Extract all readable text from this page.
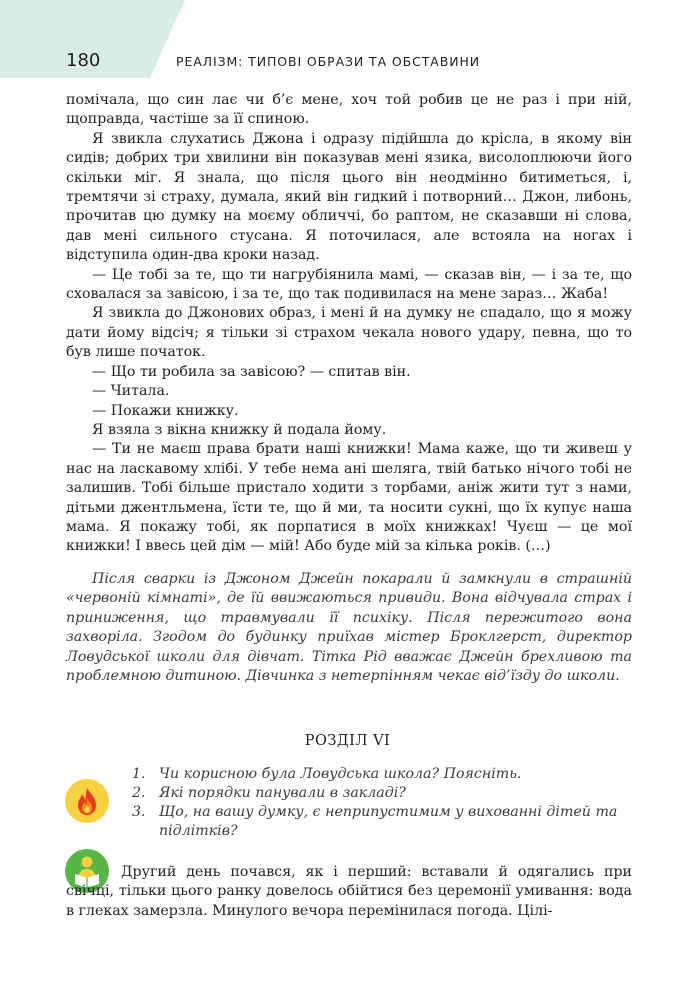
180	РЕАЛІЗМ: ТИПОВІ ОБРАЗИ ТА ОБСТАВИНИ

помічала, що син лає чи б’є мене, хоч той робив це не раз і при ній, щоправда, частіше за її спиною.

Я звикла слухатись Джона і одразу підійшла до крісла, в якому він сидів; добрих три хвилини він показував мені язика, висолоплюючи його скільки міг. Я знала, що після цього він неодмінно битиметься, і, тремтячи зі страху, думала, який він гидкий і потворний… Джон, либонь, прочитав цю думку на моєму обличчі, бо раптом, не сказавши ні слова, дав мені сильного стусана. Я поточилася, але встояла на ногах і відступила один-два кроки назад.

— Це тобі за те, що ти нагрубіянила мамі, — сказав він, — і за те, що сховалася за завісою, і за те, що так подивилася на мене зараз… Жаба!

Я звикла до Джонових образ, і мені й на думку не спадало, що я можу дати йому відсіч; я тільки зі страхом чекала нового удару, певна, що то був лише початок.

— Що ти робила за завісою? — спитав він.

— Читала.

— Покажи книжку.

Я взяла з вікна книжку й подала йому.

— Ти не маєш права брати наші книжки! Мама каже, що ти живеш у нас на ласкавому хлібі. У тебе нема ані шеляга, твій батько нічого тобі не залишив. Тобі більше пристало ходити з торбами, аніж жити тут з нами, дітьми джентльмена, їсти те, що й ми, та носити сукні, що їх купує наша мама. Я покажу тобі, як порпатися в моїх книжках! Чуєш — це мої книжки! І ввесь цей дім — мій! Або буде мій за кілька років. (…)

Після сварки із Джоном Джейн покарали й замкнули в страшній «червоній кімнаті», де їй ввижаються привиди. Вона відчувала страх і приниження, що травмували її психіку. Після пережитого вона захворіла. Згодом до будинку приїхав містер Броклгерст, директор Ловудської школи для дівчат. Тітка Рід вважає Джейн брехливою та проблемною дитиною. Дівчинка з нетерпінням чекає від’їзду до школи.

РОЗДІЛ VI
1. Чи корисною була Ловудська школа? Поясніть.
2. Які порядки панували в закладі?
3. Що, на вашу думку, є неприпустимим у вихованні дітей та підлітків?

Другий день почався, як і перший: вставали й одягались при свічці, тільки цього ранку довелось обійтися без церемонії умивання: вода в глеках замерзла. Минулого вечора перемінилася погода. Цілі-
